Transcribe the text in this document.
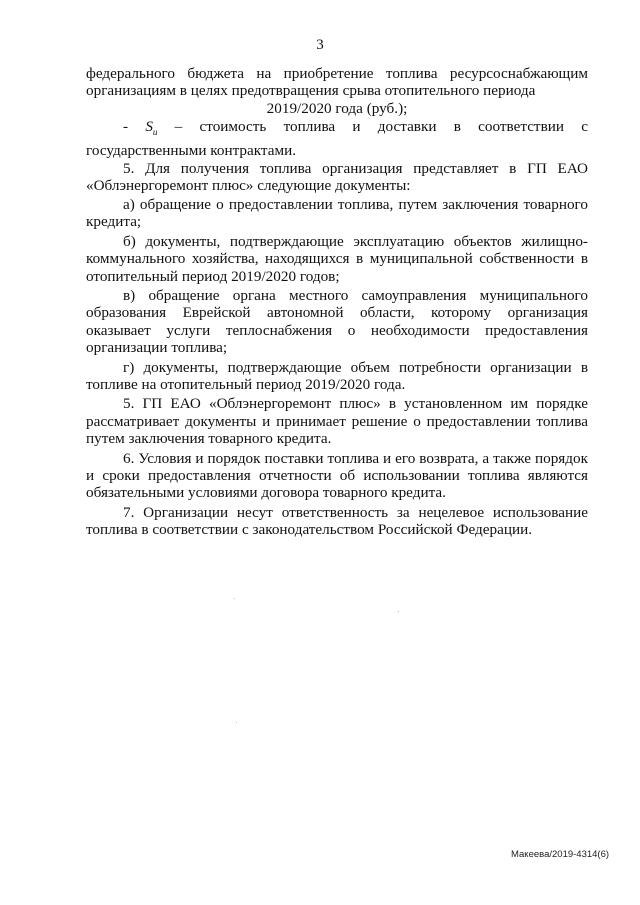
3

федерального бюджета на приобретение топлива ресурсоснабжающим организациям в целях предотвращения срыва отопительного периода

2019/2020 года (руб.);

- $S_u$ – стоимость топлива и доставки в соответствии с государственными контрактами.

5. Для получения топлива организация представляет в ГП ЕАО «Облэнергоремонт плюс» следующие документы:

а) обращение о предоставлении топлива, путем заключения товарного кредита;

б) документы, подтверждающие эксплуатацию объектов жилищно-коммунального хозяйства, находящихся в муниципальной собственности в отопительный период 2019/2020 годов;

в) обращение органа местного самоуправления муниципального образования Еврейской автономной области, которому организация оказывает услуги теплоснабжения о необходимости предоставления организации топлива;

г) документы, подтверждающие объем потребности организации в топливе на отопительный период 2019/2020 года.

5. ГП ЕАО «Облэнергоремонт плюс» в установленном им порядке рассматривает документы и принимает решение о предоставлении топлива путем заключения товарного кредита.

6. Условия и порядок поставки топлива и его возврата, а также порядок и сроки предоставления отчетности об использовании топлива являются обязательными условиями договора товарного кредита.

7. Организации несут ответственность за нецелевое использование топлива в соответствии с законодательством Российской Федерации.

Макеева/2019-4314(6)
